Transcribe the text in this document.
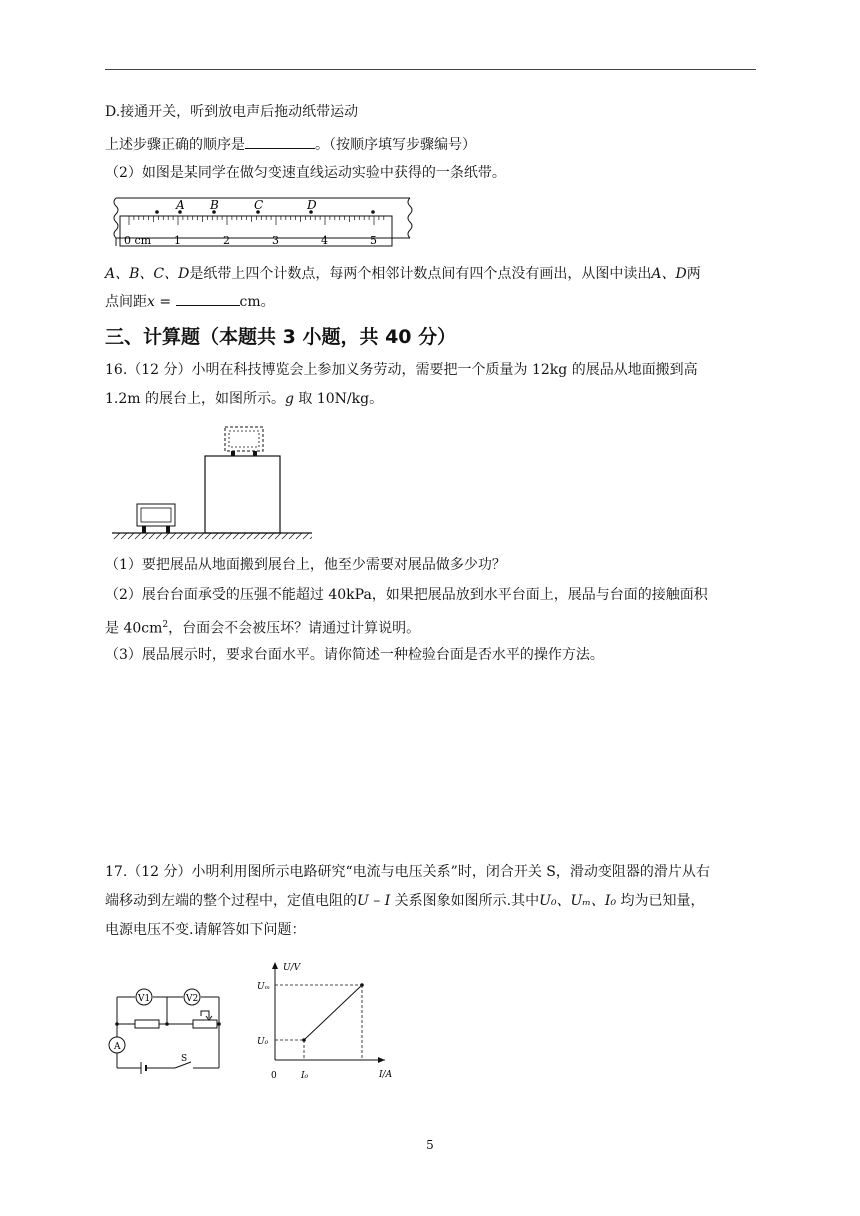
D.接通开关，听到放电声后拖动纸带运动
上述步骤正确的顺序是	。（按顺序填写步骤编号）
（2）如图是某同学在做匀变速直线运动实验中获得的一条纸带。
A B	C	D
0 cm 1	2	3	4	5
A、B、C、D是纸带上四个计数点，每两个相邻计数点间有四个点没有画出，从图中读出A、D两
点间距x =	cm。
三、计算题（本题共 3 小题，共 40 分）
16.（12 分）小明在科技博览会上参加义务劳动，需要把一个质量为 12kg 的展品从地面搬到高
1.2m 的展台上，如图所示。g 取 10N/kg。
（1）要把展品从地面搬到展台上，他至少需要对展品做多少功？
（2）展台台面承受的压强不能超过 40kPa，如果把展品放到水平台面上，展品与台面的接触面积
是 $40cm^2$，台面会不会被压坏？请通过计算说明。
（3）展品展示时，要求台面水平。请你简述一种检验台面是否水平的操作方法。
17.（12 分）小明利用图所示电路研究“电流与电压关系”时，闭合开关 S，滑动变阻器的滑片从右
端移动到左端的整个过程中，定值电阻的U – I 关系图象如图所示.其中U₀、Uₘ、I₀ 均为已知量，
电源电压不变.请解答如下问题：
V1	V2
A
S
U/V
I/A
0
Uₘ
U₀
I₀
5
